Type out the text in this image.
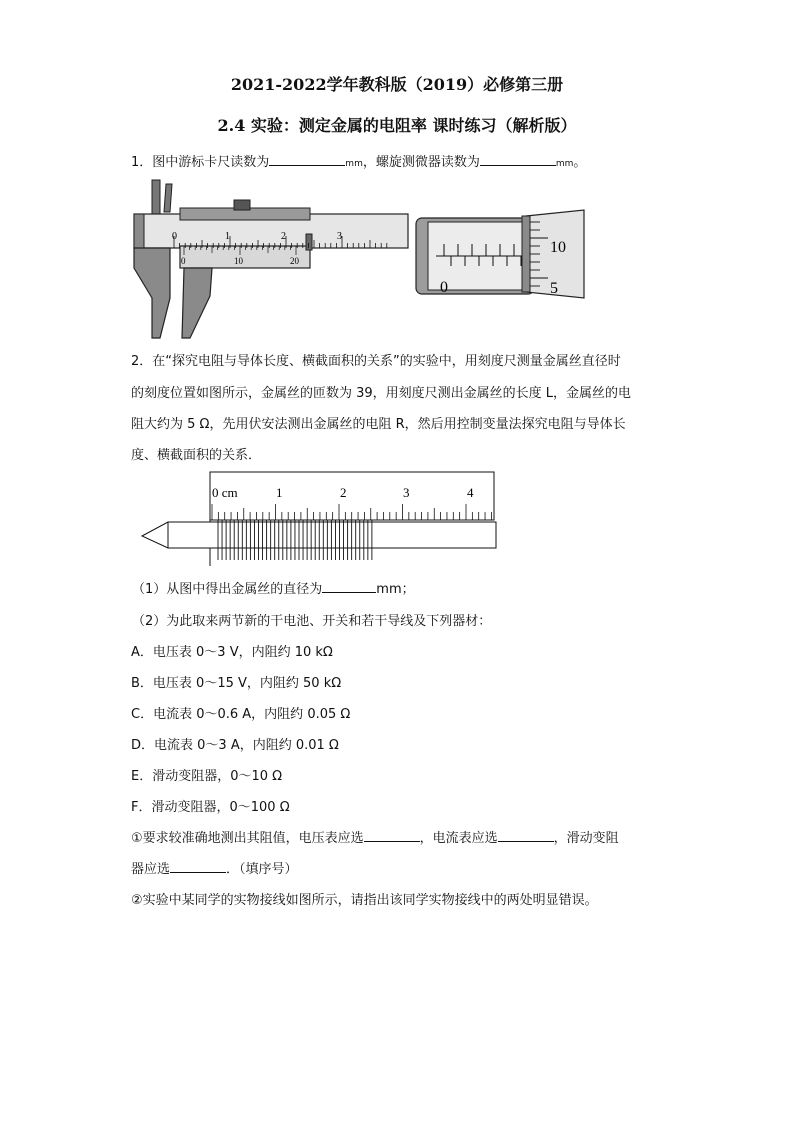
2021-2022学年教科版（2019）必修第三册
2.4 实验：测定金属的电阻率 课时练习（解析版）
1．图中游标卡尺读数为	mm，螺旋测微器读数为	mm。
0	1	2	3
0	10	20
0
10
5
2．在“探究电阻与导体长度、横截面积的关系”的实验中，用刻度尺测量金属丝直径时
的刻度位置如图所示，金属丝的匝数为 39，用刻度尺测出金属丝的长度 L，金属丝的电
阻大约为 5 Ω，先用伏安法测出金属丝的电阻 R，然后用控制变量法探究电阻与导体长
度、横截面积的关系．
0 cm	1	2	3	4
（1）从图中得出金属丝的直径为	mm；
（2）为此取来两节新的干电池、开关和若干导线及下列器材：
A．电压表 0～3 V，内阻约 10 kΩ
B．电压表 0～15 V，内阻约 50 kΩ
C．电流表 0～0.6 A，内阻约 0.05 Ω
D．电流表 0～3 A，内阻约 0.01 Ω
E．滑动变阻器，0～10 Ω
F．滑动变阻器，0～100 Ω
①要求较准确地测出其阻值，电压表应选	，电流表应选	，滑动变阻
器应选	．（填序号）
②实验中某同学的实物接线如图所示，请指出该同学实物接线中的两处明显错误。
